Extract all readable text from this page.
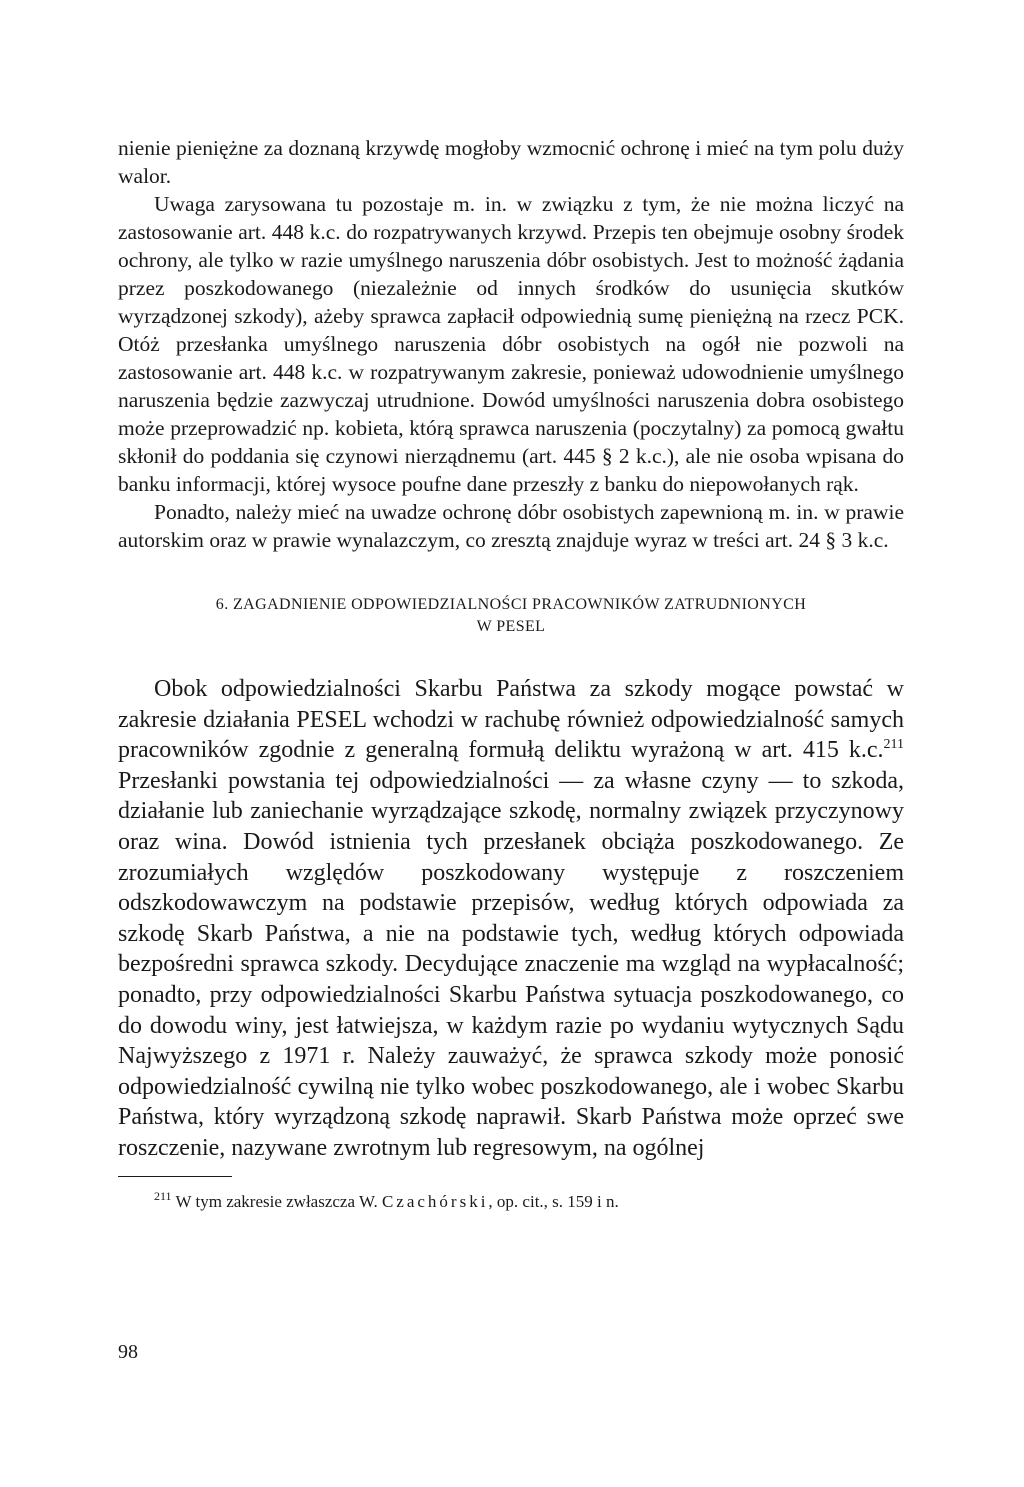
nienie pieniężne za doznaną krzywdę mogłoby wzmocnić ochronę i mieć na tym polu duży walor.

Uwaga zarysowana tu pozostaje m. in. w związku z tym, że nie można liczyć na zastosowanie art. 448 k.c. do rozpatrywanych krzywd. Przepis ten obejmuje osobny środek ochrony, ale tylko w razie umyślnego naruszenia dóbr osobistych. Jest to możność żądania przez poszkodowanego (niezależnie od innych środków do usunięcia skutków wyrządzonej szkody), ażeby sprawca zapłacił odpowiednią sumę pieniężną na rzecz PCK. Otóż przesłanka umyślnego naruszenia dóbr osobistych na ogół nie pozwoli na zastosowanie art. 448 k.c. w rozpatrywanym zakresie, ponieważ udowodnienie umyślnego naruszenia będzie zazwyczaj utrudnione. Dowód umyślności naruszenia dobra osobistego może przeprowadzić np. kobieta, którą sprawca naruszenia (poczytalny) za pomocą gwałtu skłonił do poddania się czynowi nierządnemu (art. 445 § 2 k.c.), ale nie osoba wpisana do banku informacji, której wysoce poufne dane przeszły z banku do niepowołanych rąk.

Ponadto, należy mieć na uwadze ochronę dóbr osobistych zapewnioną m. in. w prawie autorskim oraz w prawie wynalazczym, co zresztą znajduje wyraz w treści art. 24 § 3 k.c.

6. ZAGADNIENIE ODPOWIEDZIALNOŚCI PRACOWNIKÓW ZATRUDNIONYCH
W PESEL

Obok odpowiedzialności Skarbu Państwa za szkody mogące powstać w zakresie działania PESEL wchodzi w rachubę również odpowiedzialność samych pracowników zgodnie z generalną formułą deliktu wyrażoną w art. 415 k.c.$^{211}$ Przesłanki powstania tej odpowiedzialności — za własne czyny — to szkoda, działanie lub zaniechanie wyrządzające szkodę, normalny związek przyczynowy oraz wina. Dowód istnienia tych przesłanek obciąża poszkodowanego. Ze zrozumiałych względów poszkodowany występuje z roszczeniem odszkodowawczym na podstawie przepisów, według których odpowiada za szkodę Skarb Państwa, a nie na podstawie tych, według których odpowiada bezpośredni sprawca szkody. Decydujące znaczenie ma wzgląd na wypłacalność; ponadto, przy odpowiedzialności Skarbu Państwa sytuacja poszkodowanego, co do dowodu winy, jest łatwiejsza, w każdym razie po wydaniu wytycznych Sądu Najwyższego z 1971 r. Należy zauważyć, że sprawca szkody może ponosić odpowiedzialność cywilną nie tylko wobec poszkodowanego, ale i wobec Skarbu Państwa, który wyrządzoną szkodę naprawił. Skarb Państwa może oprzeć swe roszczenie, nazywane zwrotnym lub regresowym, na ogólnej

$^{211}$ W tym zakresie zwłaszcza W. Czachórski, op. cit., s. 159 i n.

98
